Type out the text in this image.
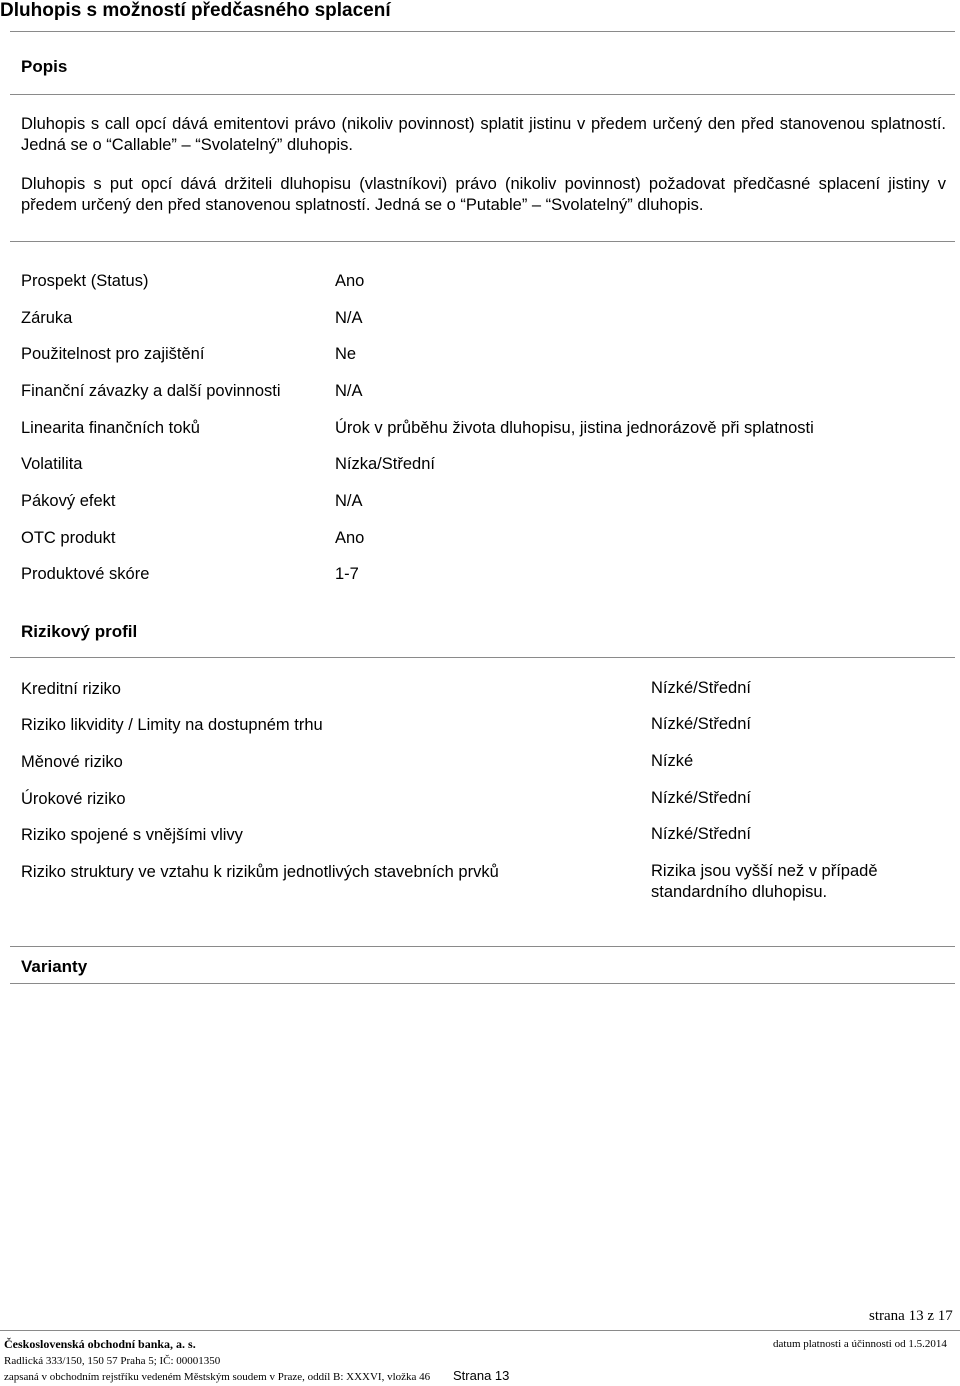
Dluhopis s možností předčasného splacení
Popis
Dluhopis s call opcí dává emitentovi právo (nikoliv povinnost) splatit jistinu v předem určený den před stanovenou splatností. Jedná se o “Callable” – “Svolatelný” dluhopis.
Dluhopis s put opcí dává držiteli dluhopisu (vlastníkovi) právo (nikoliv povinnost) požadovat předčasné splacení jistiny v předem určený den před stanovenou splatností. Jedná se o “Putable” – “Svolatelný” dluhopis.
Prospekt (Status)	Ano
Záruka	N/A
Použitelnost pro zajištění	Ne
Finanční závazky a další povinnosti	N/A
Linearita finančních toků	Úrok v průběhu života dluhopisu, jistina jednorázově při splatnosti
Volatilita	Nízka/Střední
Pákový efekt	N/A
OTC produkt	Ano
Produktové skóre	1-7
Rizikový profil
Kreditní riziko	Nízké/Střední
Riziko likvidity / Limity na dostupném trhu	Nízké/Střední
Měnové riziko	Nízké
Úrokové riziko	Nízké/Střední
Riziko spojené s vnějšími vlivy	Nízké/Střední
Riziko struktury ve vztahu k rizikům jednotlivých stavebních prvků	Rizika jsou vyšší než v případě standardního dluhopisu.
Varianty
strana 13 z 17
Československá obchodní banka, a. s.	datum platnosti a účinnosti od 1.5.2014
Radlická 333/150, 150 57 Praha 5; IČ: 00001350
zapsaná v obchodním rejstříku vedeném Městským soudem v Praze, oddíl B: XXXVI, vložka 46 Strana 13
